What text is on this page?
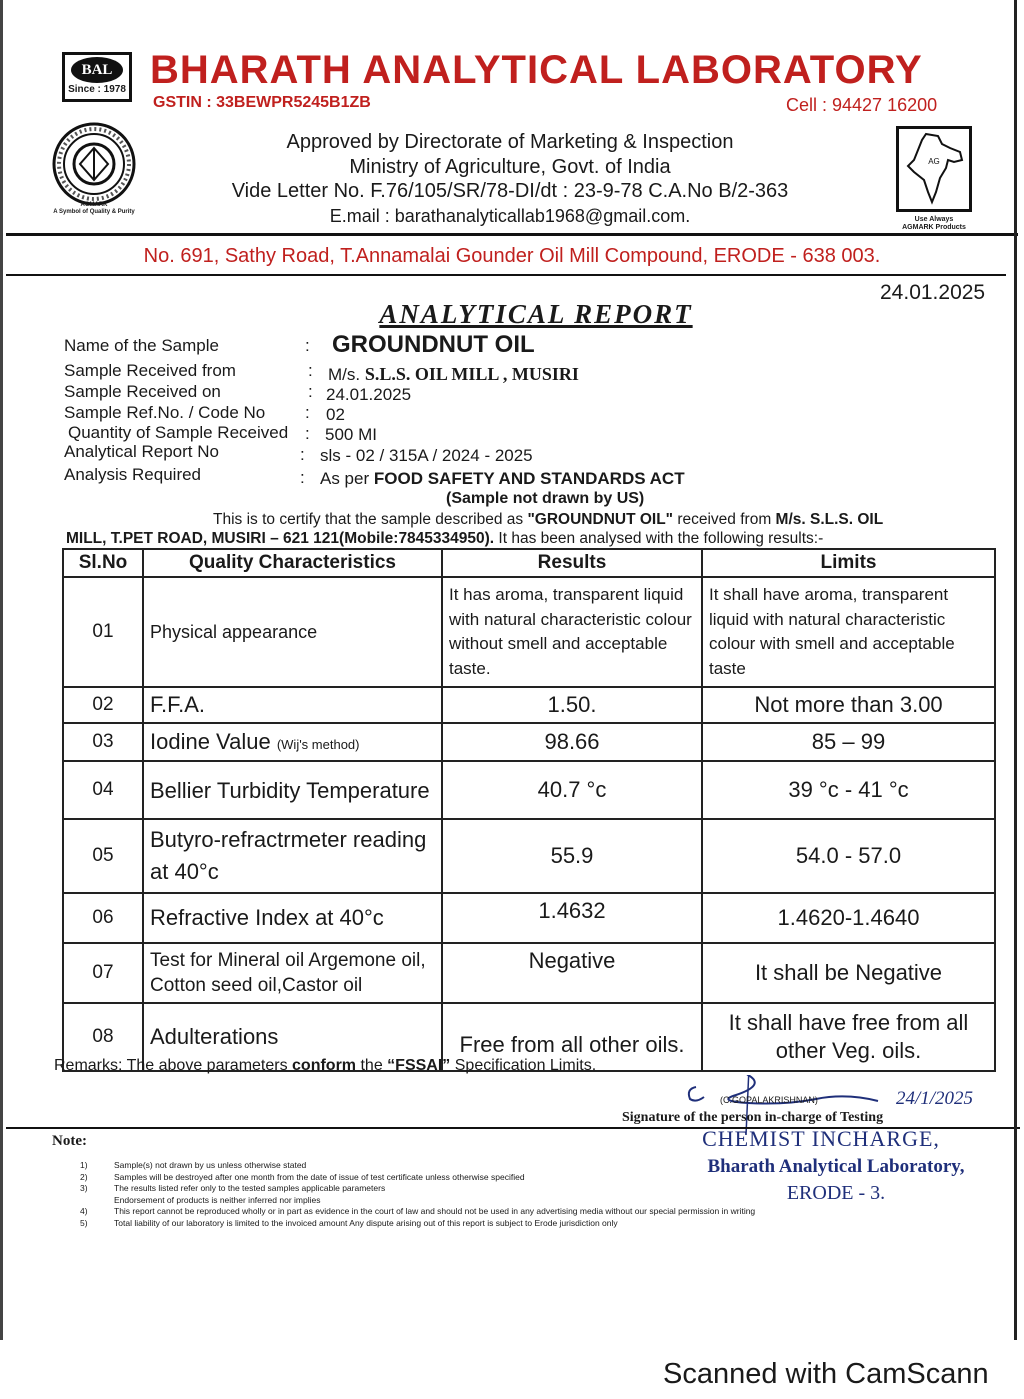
BAL
Since : 1978 BHARATH ANALYTICAL LABORATORY
GSTIN : 33BEWPR5245B1ZB	Cell : 94427 16200
AGMARK
A Symbol of Quality & Purity
Approved by Directorate of Marketing & Inspection
Ministry of Agriculture, Govt. of India
Vide Letter No. F.76/105/SR/78-DI/dt : 23-9-78 C.A.No B/2-363
E.mail : barathanalyticallab1968@gmail.com.
AG
Use Always
AGMARK Products
No. 691, Sathy Road, T.Annamalai Gounder Oil Mill Compound, ERODE - 638 003.
24.01.2025
ANALYTICAL REPORT
Name of the Sample	: GROUNDNUT OIL
Sample Received from	: M/s. S.L.S. OIL MILL , MUSIRI
Sample Received on	: 24.01.2025
Sample Ref.No. / Code No : 02
Quantity of Sample Received : 500 MI
Analytical Report No	: sls - 02 / 315A / 2024 - 2025
Analysis Required	: As per FOOD SAFETY AND STANDARDS ACT
(Sample not drawn by US)
This is to certify that the sample described as "GROUNDNUT OIL" received from M/s. S.L.S. OIL
MILL, T.PET ROAD, MUSIRI – 621 121(Mobile:7845334950). It has been analysed with the following results:-
Sl.No	Quality Characteristics	Results	Limits
01	Physical appearance	It has aroma, transparent liquid with natural characteristic colour without smell and acceptable taste.	It shall have aroma, transparent liquid with natural characteristic colour with smell and acceptable taste
02	F.F.A.	1.50.	Not more than 3.00
03	Iodine Value (Wij's method)	98.66	85 – 99
04	Bellier Turbidity Temperature	40.7 °c	39 °c - 41 °c
05	Butyro-refractrmeter reading at 40°c	55.9	54.0 - 57.0
06	Refractive Index at 40°c	1.4632	1.4620-1.4640
07	Test for Mineral oil Argemone oil, Cotton seed oil,Castor oil	Negative	It shall be Negative
08	Adulterations	Free from all other oils.	It shall have free from all other Veg. oils.
Remarks: The above parameters conform the “FSSAI” Specification Limits.
(C.GOPALAKRISHNAN)	24/1/2025
Signature of the person in-charge of Testing
CHEMIST INCHARGE,
Bharath Analytical Laboratory,
ERODE - 3.
Note:
1)	Sample(s) not drawn by us unless otherwise stated
2)	Samples will be destroyed after one month from the date of issue of test certificate unless otherwise specified
3)	The results listed refer only to the tested samples applicable parameters
Endorsement of products is neither inferred nor implies
4)	This report cannot be reproduced wholly or in part as evidence in the court of law and should not be used in any advertising media without our special permission in writing
5)	Total liability of our laboratory is limited to the invoiced amount Any dispute arising out of this report is subject to Erode jurisdiction only
Scanned with CamScann
